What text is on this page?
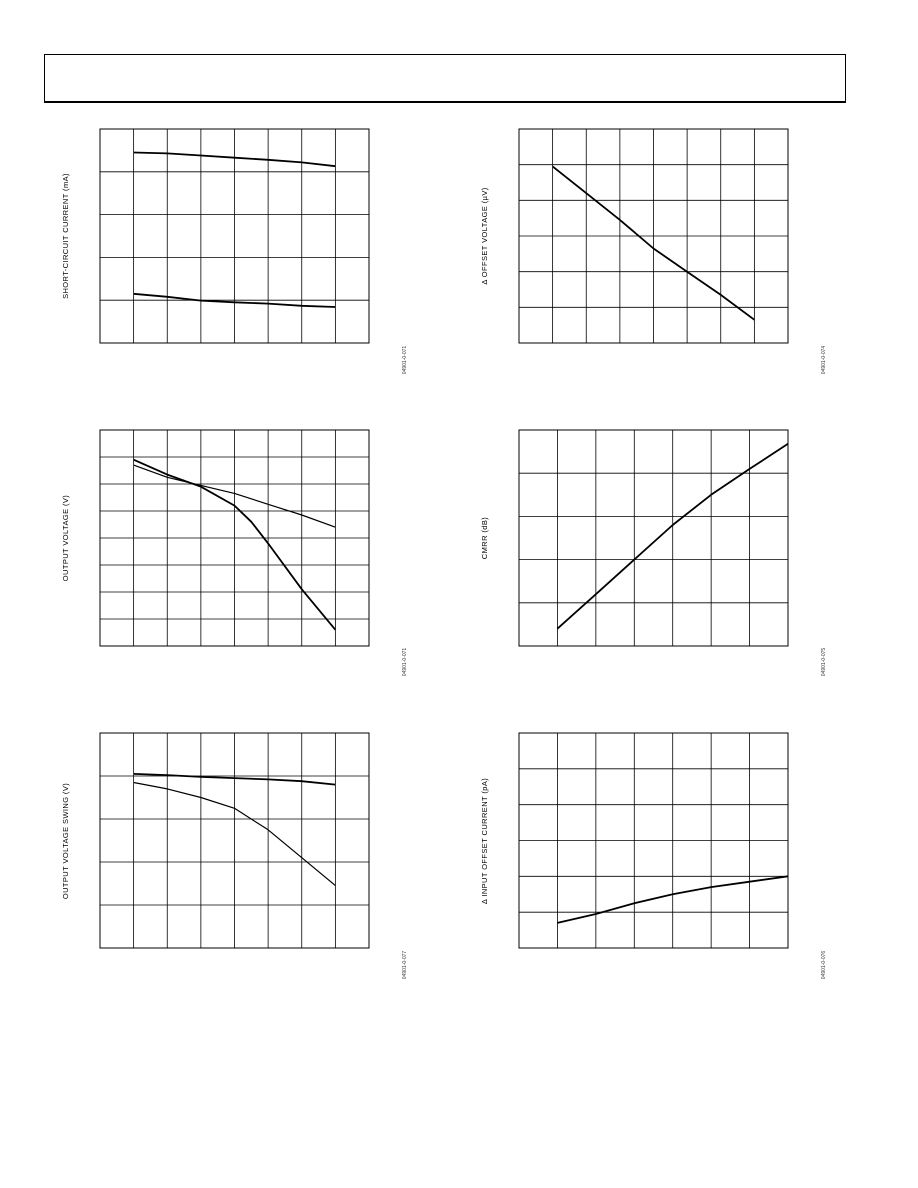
SHORT-CIRCUIT CURRENT (mA)
04901-0-071
Δ OFFSET VOLTAGE (µV)
04901-0-074
OUTPUT VOLTAGE (V)
04901-0-071
CMRR (dB)
04901-0-075
OUTPUT VOLTAGE SWING (V)
04901-0-077
Δ INPUT OFFSET CURRENT (pA)
04901-0-076
